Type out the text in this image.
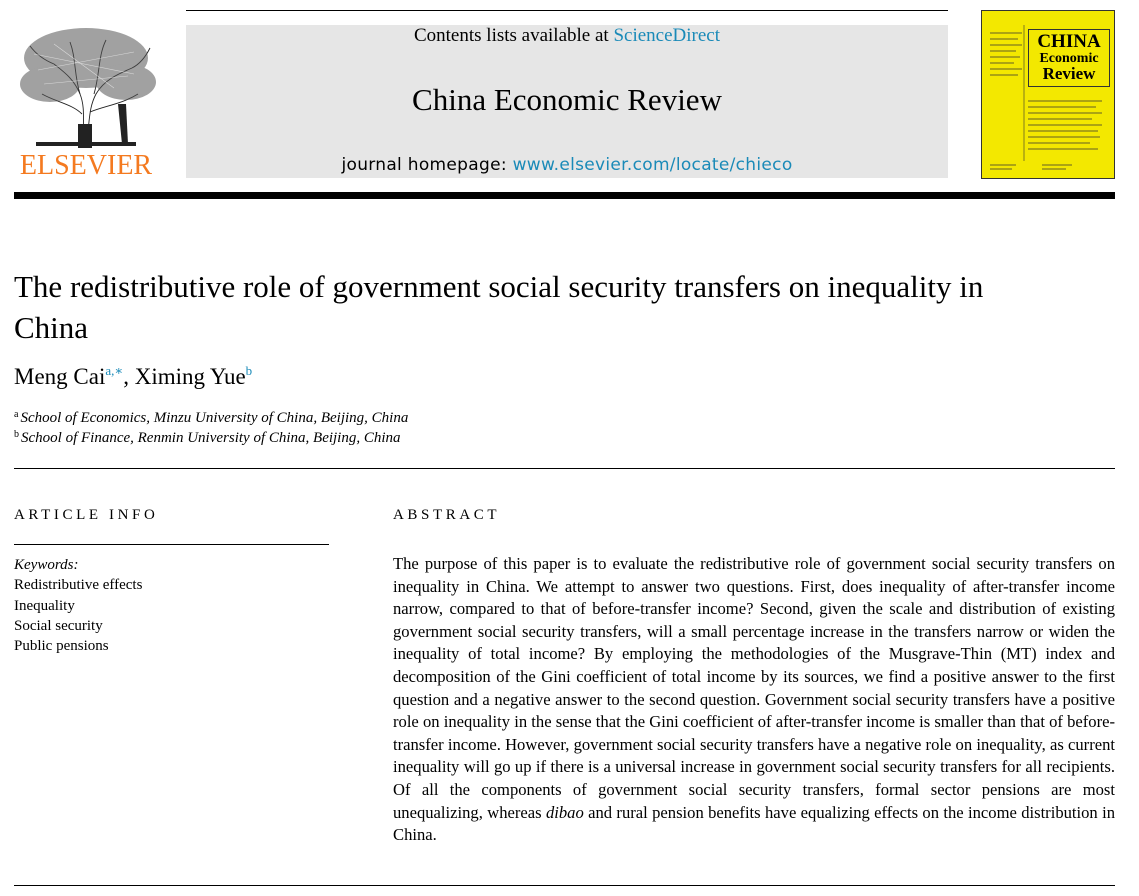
ELSEVIER
Contents lists available at ScienceDirect
China Economic Review
journal homepage: www.elsevier.com/locate/chieco
CHINA
Economic
Review
The redistributive role of government social security transfers on inequality in China
Meng Cai$^{a,∗}$, Ximing Yue$^b$
$^a$ School of Economics, Minzu University of China, Beijing, China
$^b$ School of Finance, Renmin University of China, Beijing, China
ARTICLE INFO	ABSTRACT
Keywords:
Redistributive effects
Inequality
Social security
Public pensions
The purpose of this paper is to evaluate the redistributive role of government social security transfers on inequality in China. We attempt to answer two questions. First, does inequality of after-transfer income narrow, compared to that of before-transfer income? Second, given the scale and distribution of existing government social security transfers, will a small percentage increase in the transfers narrow or widen the inequality of total income? By employing the methodologies of the Musgrave-Thin (MT) index and decomposition of the Gini coefficient of total income by its sources, we find a positive answer to the first question and a negative answer to the second question. Government social security transfers have a positive role on inequality in the sense that the Gini coefficient of after-transfer income is smaller than that of before-transfer income. However, government social security transfers have a negative role on inequality, as current inequality will go up if there is a universal increase in government social security transfers for all recipients. Of all the components of government social security transfers, formal sector pensions are most unequalizing, whereas dibao and rural pension benefits have equalizing effects on the income distribution in China.
